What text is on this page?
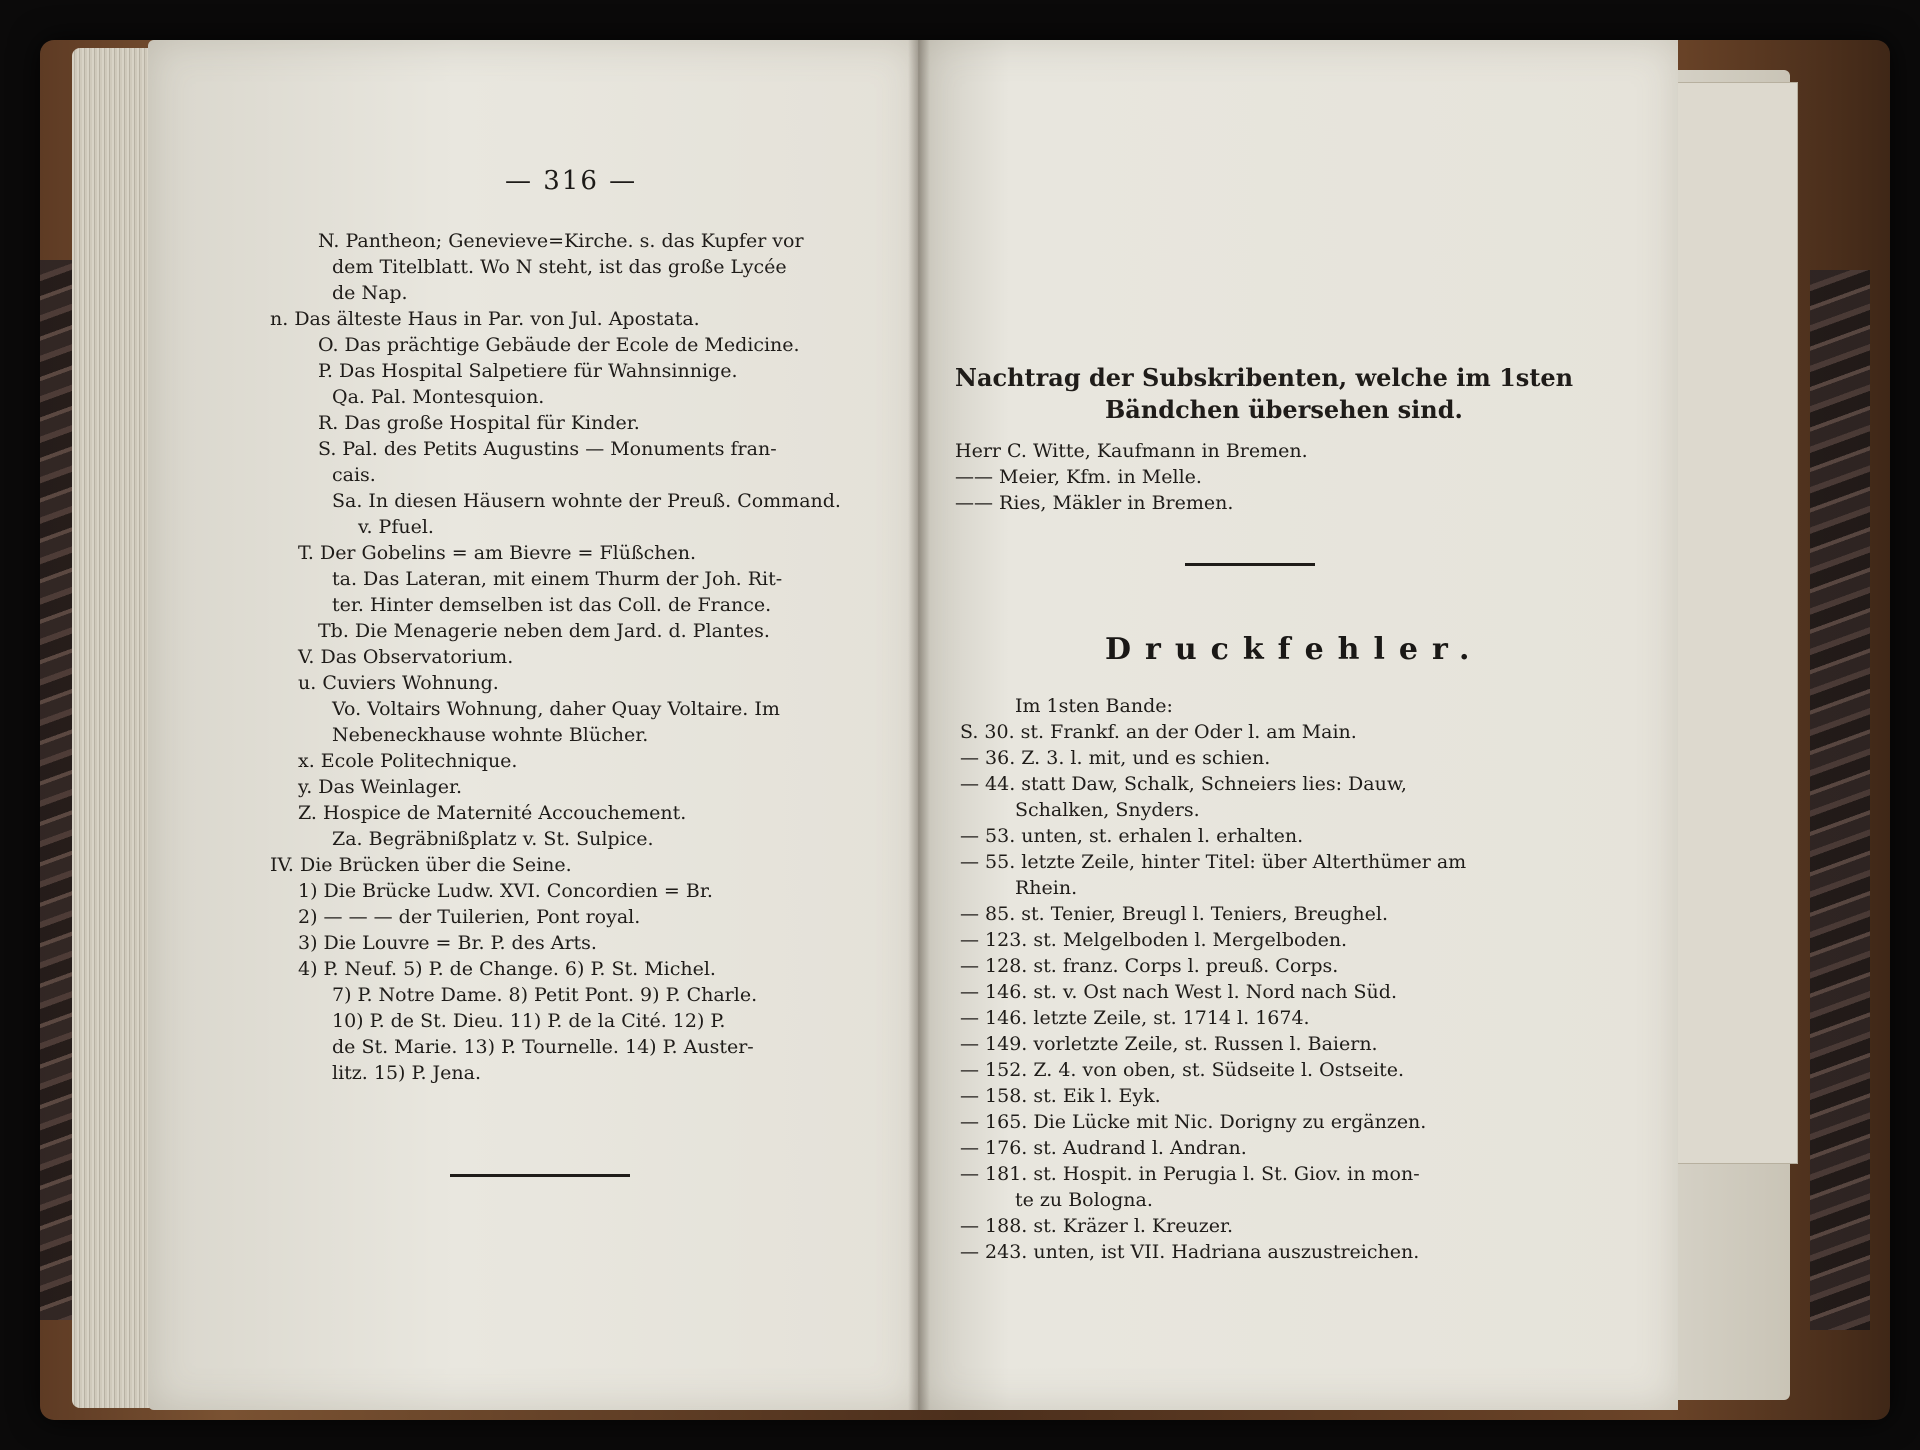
— 316 —
N. Pantheon; Genevieve=Kirche. s. das Kupfer vor
dem Titelblatt. Wo N steht, ist das große Lycée
de Nap.
n. Das älteste Haus in Par. von Jul. Apostata.
O. Das prächtige Gebäude der Ecole de Medicine.
P. Das Hospital Salpetiere für Wahnsinnige.
Qa. Pal. Montesquion.
R. Das große Hospital für Kinder.
S. Pal. des Petits Augustins — Monuments fran-
cais.
Sa. In diesen Häusern wohnte der Preuß. Command.
v. Pfuel.
T. Der Gobelins = am Bievre = Flüßchen.
ta. Das Lateran, mit einem Thurm der Joh. Rit-
ter. Hinter demselben ist das Coll. de France.
Tb. Die Menagerie neben dem Jard. d. Plantes.
V. Das Observatorium.
u. Cuviers Wohnung.
Vo. Voltairs Wohnung, daher Quay Voltaire. Im
Nebeneckhause wohnte Blücher.
x. Ecole Politechnique.
y. Das Weinlager.
Z. Hospice de Maternité Accouchement.
Za. Begräbnißplatz v. St. Sulpice.
IV. Die Brücken über die Seine.
1) Die Brücke Ludw. XVI. Concordien = Br.
2) — — — der Tuilerien, Pont royal.
3) Die Louvre = Br. P. des Arts.
4) P. Neuf. 5) P. de Change. 6) P. St. Michel.
7) P. Notre Dame. 8) Petit Pont. 9) P. Charle.
10) P. de St. Dieu. 11) P. de la Cité. 12) P.
de St. Marie. 13) P. Tournelle. 14) P. Auster-
litz. 15) P. Jena.
Nachtrag der Subskribenten, welche im 1sten
Bändchen übersehen sind.
Herr C. Witte, Kaufmann in Bremen.
—— Meier, Kfm. in Melle.
—— Ries, Mäkler in Bremen.
Druckfehler.
Im 1sten Bande:
S. 30. st. Frankf. an der Oder l. am Main.
— 36. Z. 3. l. mit, und es schien.
— 44. statt Daw, Schalk, Schneiers lies: Dauw,
Schalken, Snyders.
— 53. unten, st. erhalen l. erhalten.
— 55. letzte Zeile, hinter Titel: über Alterthümer am
Rhein.
— 85. st. Tenier, Breugl l. Teniers, Breughel.
— 123. st. Melgelboden l. Mergelboden.
— 128. st. franz. Corps l. preuß. Corps.
— 146. st. v. Ost nach West l. Nord nach Süd.
— 146. letzte Zeile, st. 1714 l. 1674.
— 149. vorletzte Zeile, st. Russen l. Baiern.
— 152. Z. 4. von oben, st. Südseite l. Ostseite.
— 158. st. Eik l. Eyk.
— 165. Die Lücke mit Nic. Dorigny zu ergänzen.
— 176. st. Audrand l. Andran.
— 181. st. Hospit. in Perugia l. St. Giov. in mon-
te zu Bologna.
— 188. st. Kräzer l. Kreuzer.
— 243. unten, ist VII. Hadriana auszustreichen.
